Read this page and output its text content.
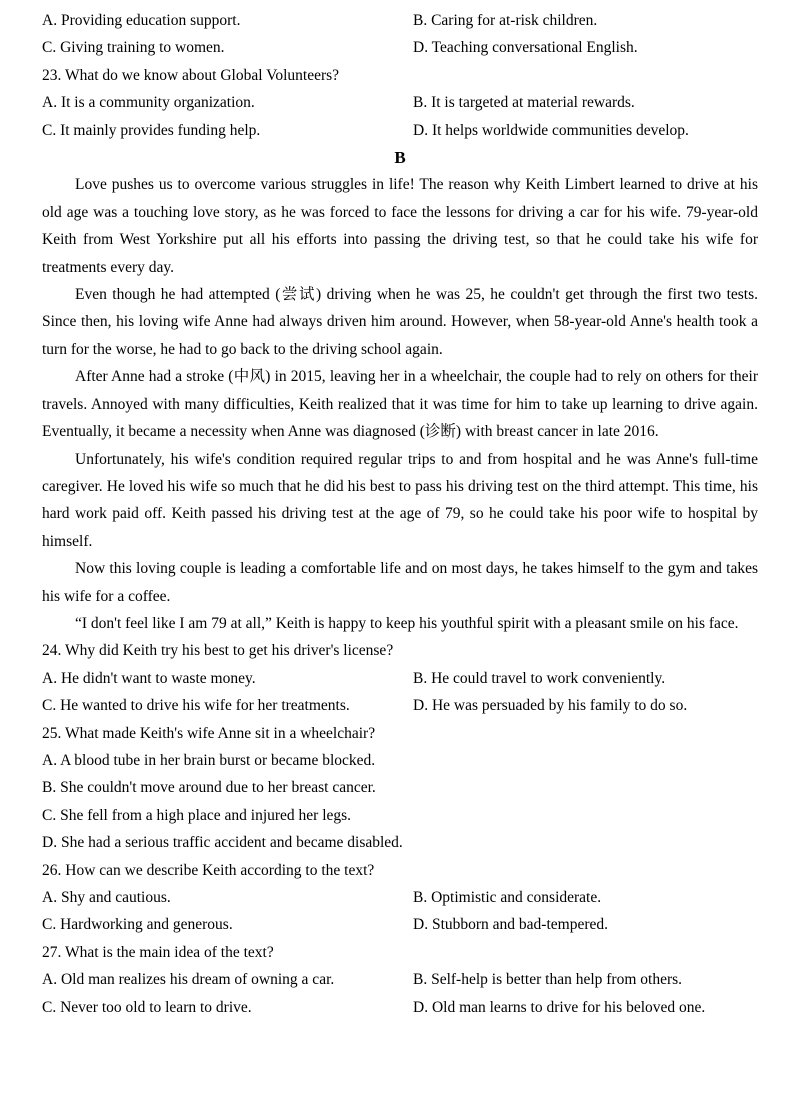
A. Providing education support.	B. Caring for at-risk children.
C. Giving training to women.	D. Teaching conversational English.
23. What do we know about Global Volunteers?
A. It is a community organization.	B. It is targeted at material rewards.
C. It mainly provides funding help.	D. It helps worldwide communities develop.
B

Love pushes us to overcome various struggles in life! The reason why Keith Limbert learned to drive at his old age was a touching love story, as he was forced to face the lessons for driving a car for his wife. 79-year-old Keith from West Yorkshire put all his efforts into passing the driving test, so that he could take his wife for treatments every day.

Even though he had attempted (尝试) driving when he was 25, he couldn't get through the first two tests. Since then, his loving wife Anne had always driven him around. However, when 58-year-old Anne's health took a turn for the worse, he had to go back to the driving school again.

After Anne had a stroke (中风) in 2015, leaving her in a wheelchair, the couple had to rely on others for their travels. Annoyed with many difficulties, Keith realized that it was time for him to take up learning to drive again. Eventually, it became a necessity when Anne was diagnosed (诊断) with breast cancer in late 2016.

Unfortunately, his wife's condition required regular trips to and from hospital and he was Anne's full-time caregiver. He loved his wife so much that he did his best to pass his driving test on the third attempt. This time, his hard work paid off. Keith passed his driving test at the age of 79, so he could take his poor wife to hospital by himself.

Now this loving couple is leading a comfortable life and on most days, he takes himself to the gym and takes his wife for a coffee.

“I don't feel like I am 79 at all,” Keith is happy to keep his youthful spirit with a pleasant smile on his face.

24. Why did Keith try his best to get his driver's license?
A. He didn't want to waste money.	B. He could travel to work conveniently.
C. He wanted to drive his wife for her treatments.	D. He was persuaded by his family to do so.
25. What made Keith's wife Anne sit in a wheelchair?
A. A blood tube in her brain burst or became blocked.
B. She couldn't move around due to her breast cancer.
C. She fell from a high place and injured her legs.
D. She had a serious traffic accident and became disabled.
26. How can we describe Keith according to the text?
A. Shy and cautious.	B. Optimistic and considerate.
C. Hardworking and generous.	D. Stubborn and bad-tempered.
27. What is the main idea of the text?
A. Old man realizes his dream of owning a car.	B. Self-help is better than help from others.
C. Never too old to learn to drive.	D. Old man learns to drive for his beloved one.
